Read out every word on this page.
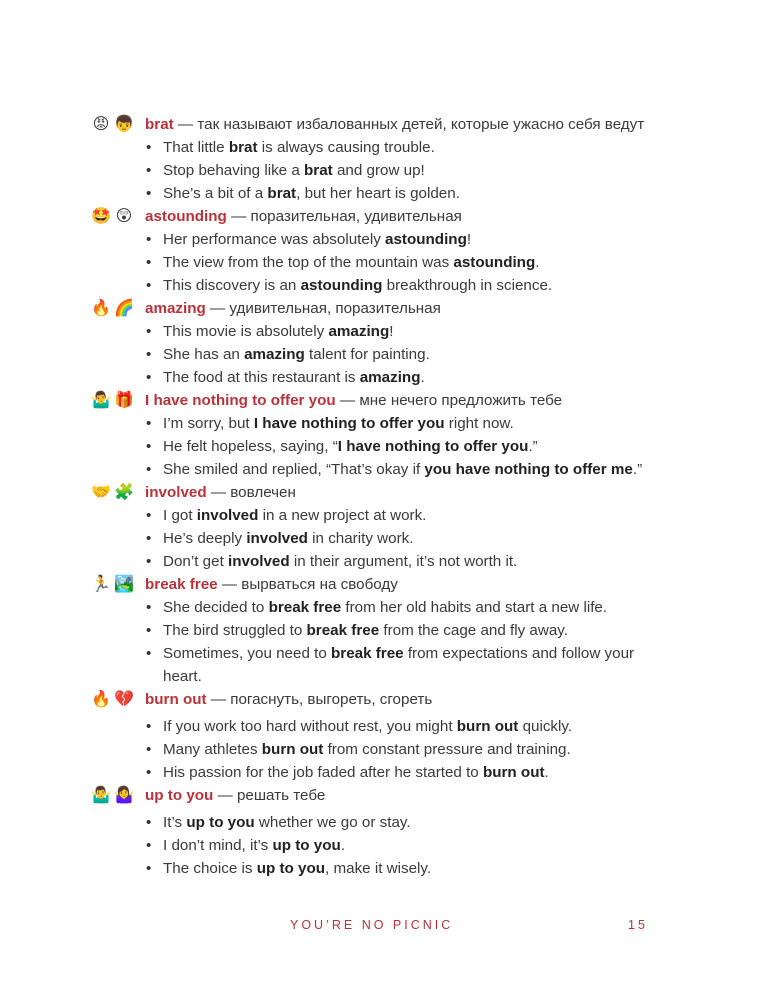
😡 👦 brat — так называют избалованных детей, которые ужасно себя ведут
• That little brat is always causing trouble.
• Stop behaving like a brat and grow up!
• She’s a bit of a brat, but her heart is golden.
🤩 😲 astounding — поразительная, удивительная
• Her performance was absolutely astounding!
• The view from the top of the mountain was astounding.
• This discovery is an astounding breakthrough in science.
🔥 🌈 amazing — удивительная, поразительная
• This movie is absolutely amazing!
• She has an amazing talent for painting.
• The food at this restaurant is amazing.
🤷‍♂️ 🎁 I have nothing to offer you — мне нечего предложить тебе
• I’m sorry, but I have nothing to offer you right now.
• He felt hopeless, saying, “I have nothing to offer you.”
• She smiled and replied, “That’s okay if you have nothing to offer me.”
🤝 🧩 involved — вовлечен
• I got involved in a new project at work.
• He’s deeply involved in charity work.
• Don’t get involved in their argument, it’s not worth it.
🏃 🏞️ break free — вырваться на свободу
• She decided to break free from her old habits and start a new life.
• The bird struggled to break free from the cage and fly away.
• Sometimes, you need to break free from expectations and follow your heart.
🔥 💔 burn out — погаснуть, выгореть, сгореть
• If you work too hard without rest, you might burn out quickly.
• Many athletes burn out from constant pressure and training.
• His passion for the job faded after he started to burn out.
🤷‍♂️ 🤷‍♀️ up to you — решать тебе
• It’s up to you whether we go or stay.
• I don’t mind, it’s up to you.
• The choice is up to you, make it wisely.
YOU’RE NO PICNIC	15
